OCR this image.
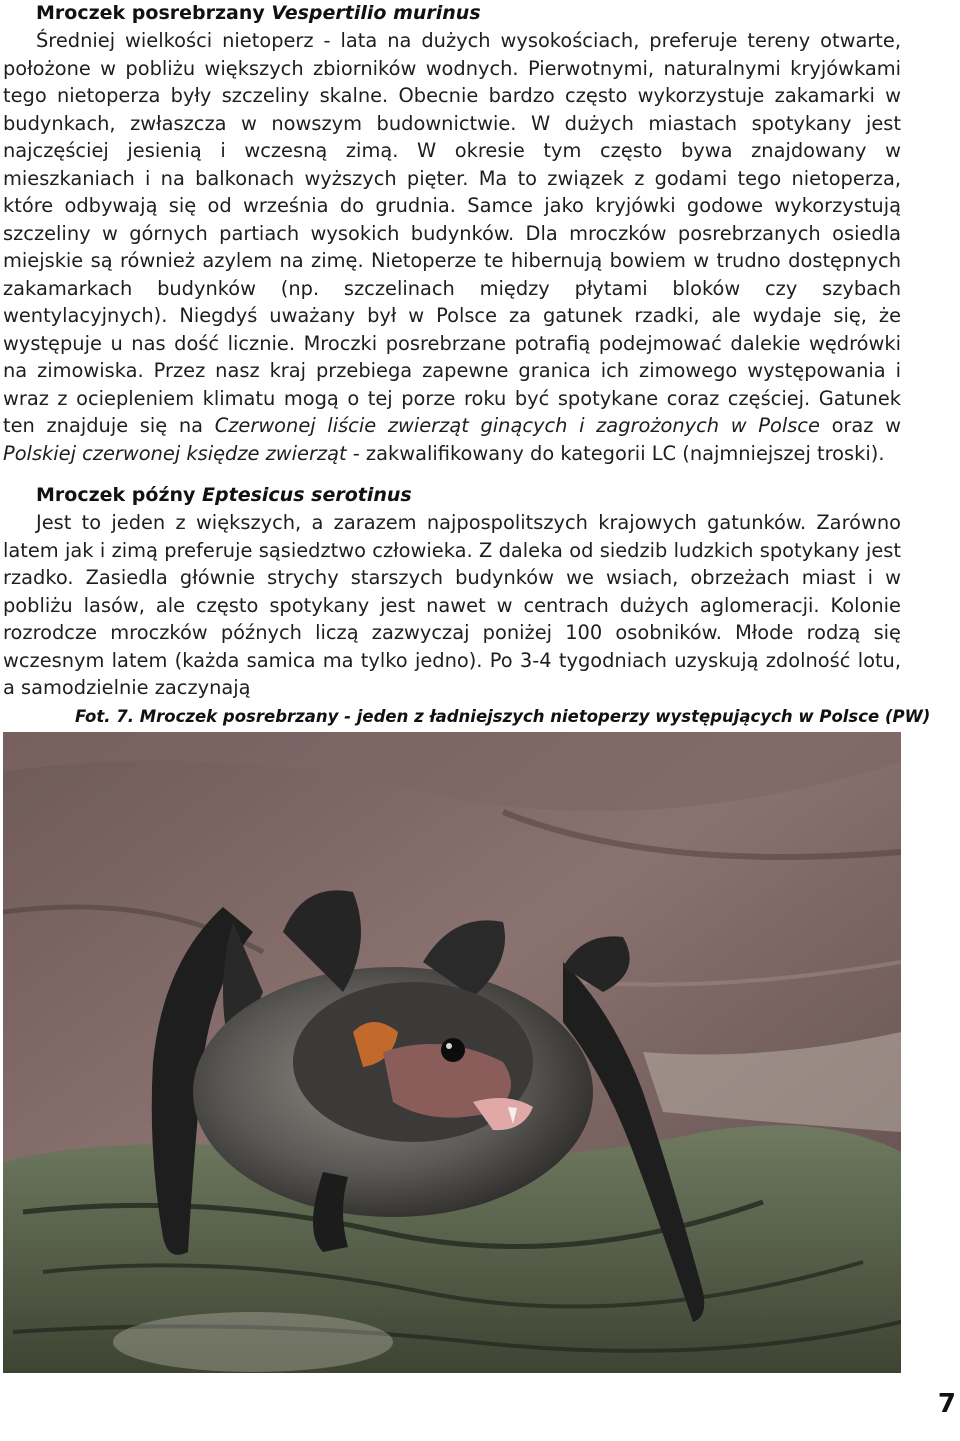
Mroczek posrebrzany Vespertilio murinus

Średniej wielkości nietoperz - lata na dużych wysokościach, preferuje tereny otwarte, położone w pobliżu większych zbiorników wodnych. Pierwotnymi, naturalnymi kryjówkami tego nietoperza były szczeliny skalne. Obecnie bardzo często wykorzystuje zakamarki w budynkach, zwłaszcza w nowszym budownictwie. W dużych miastach spotykany jest najczęściej jesienią i wczesną zimą. W okresie tym często bywa znajdowany w mieszkaniach i na balkonach wyższych pięter. Ma to związek z godami tego nietoperza, które odbywają się od września do grudnia. Samce jako kryjówki godowe wykorzystują szczeliny w górnych partiach wysokich budynków. Dla mroczków posrebrzanych osiedla miejskie są również azylem na zimę. Nietoperze te hibernują bowiem w trudno dostępnych zakamarkach budynków (np. szczelinach między płytami bloków czy szybach wentylacyjnych). Niegdyś uważany był w Polsce za gatunek rzadki, ale wydaje się, że występuje u nas dość licznie. Mroczki posrebrzane potrafią podejmować dalekie wędrówki na zimowiska. Przez nasz kraj przebiega zapewne granica ich zimowego występowania i wraz z ociepleniem klimatu mogą o tej porze roku być spotykane coraz częściej. Gatunek ten znajduje się na Czerwonej liście zwierząt ginących i zagrożonych w Polsce oraz w Polskiej czerwonej księdze zwierząt - zakwalifikowany do kategorii LC (najmniejszej troski).

Mroczek późny Eptesicus serotinus

Jest to jeden z większych, a zarazem najpospolitszych krajowych gatunków. Zarówno latem jak i zimą preferuje sąsiedztwo człowieka. Z daleka od siedzib ludzkich spotykany jest rzadko. Zasiedla głównie strychy starszych budynków we wsiach, obrzeżach miast i w pobliżu lasów, ale często spotykany jest nawet w centrach dużych aglomeracji. Kolonie rozrodcze mroczków późnych liczą zazwyczaj poniżej 100 osobników. Młode rodzą się wczesnym latem (każda samica ma tylko jedno). Po 3-4 tygodniach uzyskują zdolność lotu, a samodzielnie zaczynają

Fot. 7. Mroczek posrebrzany - jeden z ładniejszych nietoperzy występujących w Polsce (PW)

7
